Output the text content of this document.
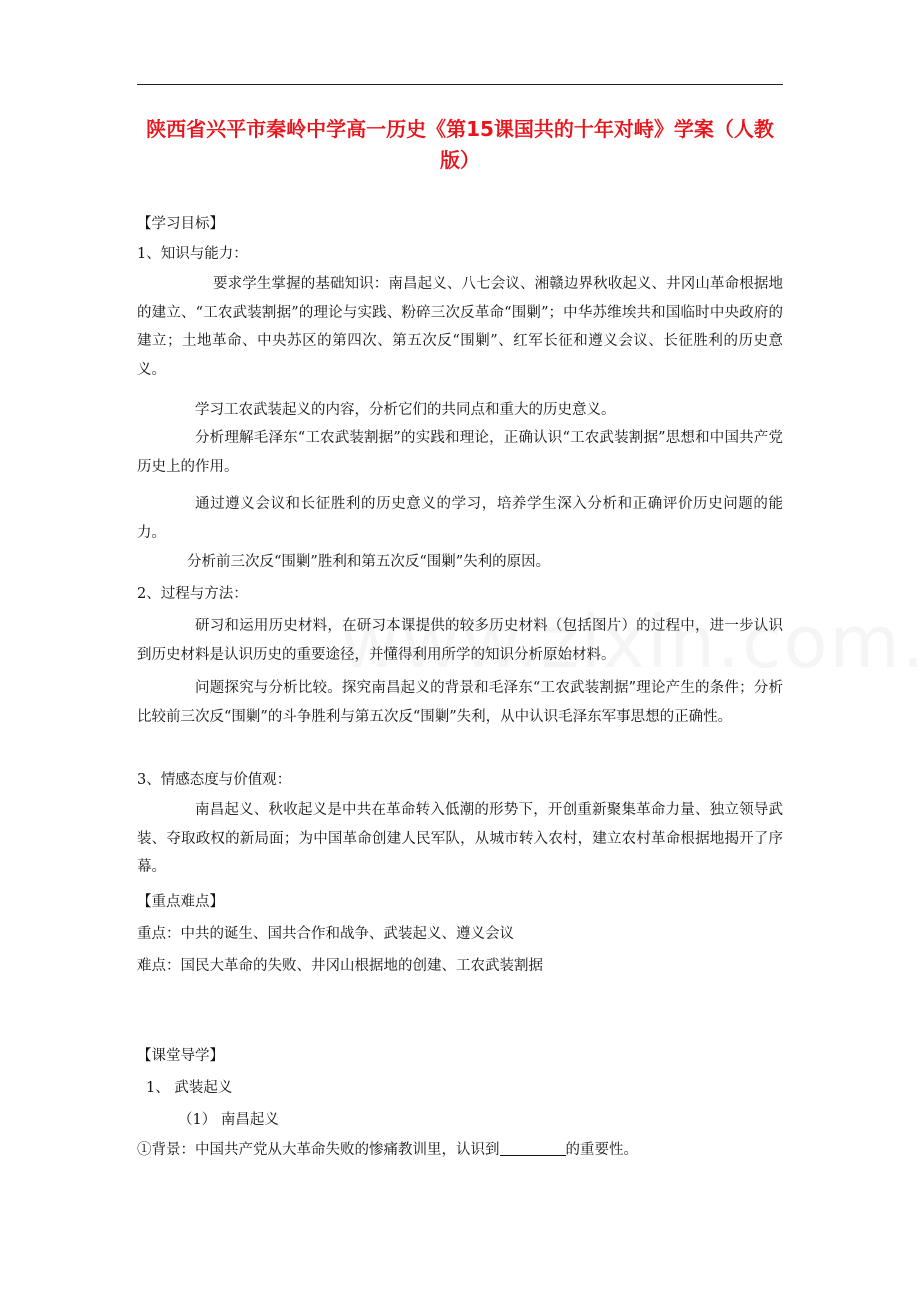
陕西省兴平市秦岭中学高一历史《第15课国共的十年对峙》学案（人教版）
【学习目标】
1、知识与能力：
要求学生掌握的基础知识：南昌起义、八七会议、湘赣边界秋收起义、井冈山革命根据地的建立、“工农武装割据”的理论与实践、粉碎三次反革命“围剿”；中华苏维埃共和国临时中央政府的建立；土地革命、中央苏区的第四次、第五次反“围剿”、红军长征和遵义会议、长征胜利的历史意义。
学习工农武装起义的内容，分析它们的共同点和重大的历史意义。
分析理解毛泽东“工农武装割据”的实践和理论，正确认识“工农武装割据”思想和中国共产党历史上的作用。
通过遵义会议和长征胜利的历史意义的学习，培养学生深入分析和正确评价历史问题的能力。
分析前三次反“围剿”胜利和第五次反“围剿”失利的原因。
2、过程与方法：
研习和运用历史材料，在研习本课提供的较多历史材料（包括图片）的过程中，进一步认识到历史材料是认识历史的重要途径，并懂得利用所学的知识分析原始材料。
问题探究与分析比较。探究南昌起义的背景和毛泽东“工农武装割据”理论产生的条件；分析比较前三次反“围剿”的斗争胜利与第五次反“围剿”失利，从中认识毛泽东军事思想的正确性。
3、情感态度与价值观：
南昌起义、秋收起义是中共在革命转入低潮的形势下，开创重新聚集革命力量、独立领导武装、夺取政权的新局面；为中国革命创建人民军队，从城市转入农村，建立农村革命根据地揭开了序幕。
【重点难点】
重点：中共的诞生、国共合作和战争、武装起义、遵义会议
难点：国民大革命的失败、井冈山根据地的创建、工农武装割据
【课堂导学】
1、 武装起义
（1） 南昌起义
①背景：中国共产党从大革命失败的惨痛教训里，认识到	的重要性。
